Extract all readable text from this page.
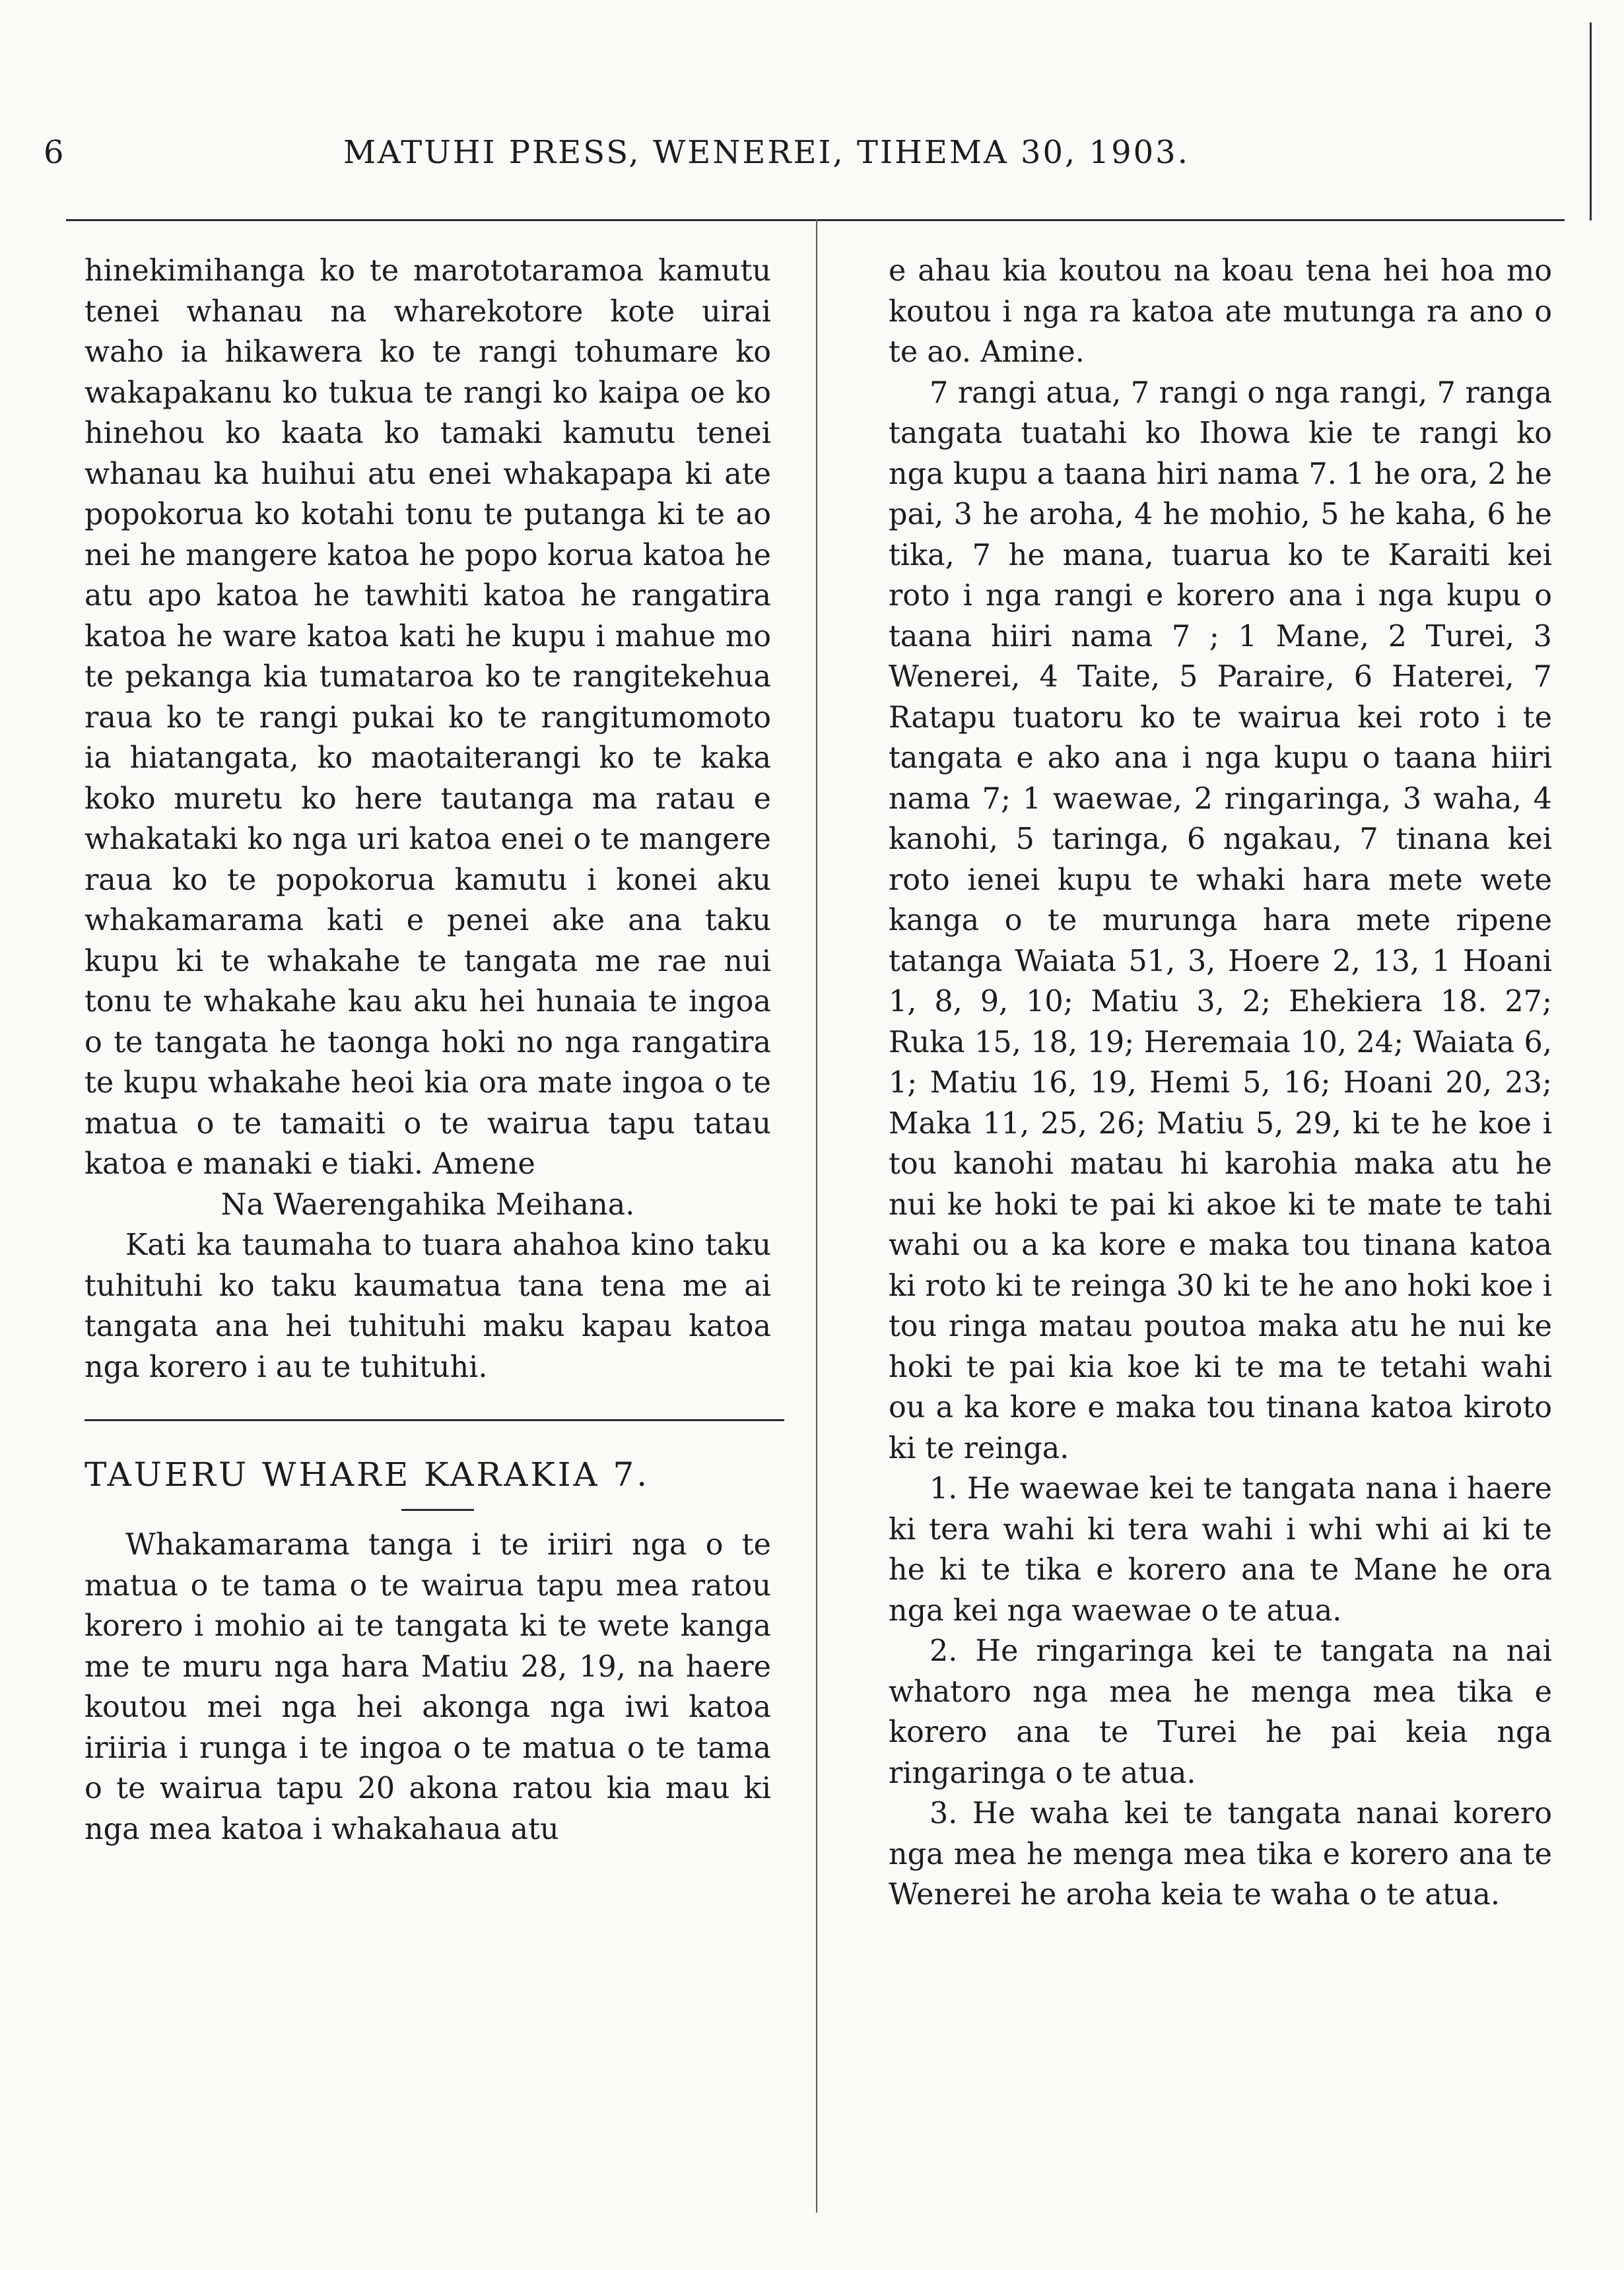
6	MATUHI PRESS, WENEREI, TIHEMA 30, 1903.

hinekimihanga ko te marototaramoa kamutu tenei whanau na wharekotore kote uirai waho ia hikawera ko te rangi tohumare ko wakapakanu ko tukua te rangi ko kaipa oe ko hinehou ko kaata ko tamaki kamutu tenei whanau ka huihui atu enei whakapapa ki ate popokorua ko kotahi tonu te putanga ki te ao nei he mangere katoa he popo korua katoa he atu apo katoa he tawhiti katoa he rangatira katoa he ware katoa kati he kupu i mahue mo te pekanga kia tumataroa ko te rangitekehua raua ko te rangi pukai ko te rangitumomoto ia hiatangata, ko maotaiterangi ko te kaka koko muretu ko here tautanga ma ratau e whakataki ko nga uri katoa enei o te mangere raua ko te popokorua kamutu i konei aku whakamarama kati e penei ake ana taku kupu ki te whakahe te tangata me rae nui tonu te whakahe kau aku hei hunaia te ingoa o te tangata he taonga hoki no nga rangatira te kupu whakahe heoi kia ora mate ingoa o te matua o te tamaiti o te wairua tapu tatau katoa e manaki e tiaki. Amene

Na Waerengahika Meihana.

Kati ka taumaha to tuara ahahoa kino taku tuhituhi ko taku kaumatua tana tena me ai tangata ana hei tuhituhi maku kapau katoa nga korero i au te tuhituhi.

TAUERU WHARE KARAKIA 7.

Whakamarama tanga i te iriiri nga o te matua o te tama o te wairua tapu mea ratou korero i mohio ai te tangata ki te wete kanga me te muru nga hara Matiu 28, 19, na haere koutou mei nga hei akonga nga iwi katoa iriiria i runga i te ingoa o te matua o te tama o te wairua tapu 20 akona ratou kia mau ki nga mea katoa i whakahaua atu

e ahau kia koutou na koau tena hei hoa mo koutou i nga ra katoa ate mutunga ra ano o te ao. Amine.

7 rangi atua, 7 rangi o nga rangi, 7 ranga tangata tuatahi ko Ihowa kie te rangi ko nga kupu a taana hiri nama 7. 1 he ora, 2 he pai, 3 he aroha, 4 he mohio, 5 he kaha, 6 he tika, 7 he mana, tuarua ko te Karaiti kei roto i nga rangi e korero ana i nga kupu o taana hiiri nama 7 ; 1 Mane, 2 Turei, 3 Wenerei, 4 Taite, 5 Paraire, 6 Haterei, 7 Ratapu tuatoru ko te wairua kei roto i te tangata e ako ana i nga kupu o taana hiiri nama 7; 1 waewae, 2 ringaringa, 3 waha, 4 kanohi, 5 taringa, 6 ngakau, 7 tinana kei roto ienei kupu te whaki hara mete wete kanga o te murunga hara mete ripene tatanga Waiata 51, 3, Hoere 2, 13, 1 Hoani 1, 8, 9, 10; Matiu 3, 2; Ehekiera 18. 27; Ruka 15, 18, 19; Heremaia 10, 24; Waiata 6, 1; Matiu 16, 19, Hemi 5, 16; Hoani 20, 23; Maka 11, 25, 26; Matiu 5, 29, ki te he koe i tou kanohi matau hi karohia maka atu he nui ke hoki te pai ki akoe ki te mate te tahi wahi ou a ka kore e maka tou tinana katoa ki roto ki te reinga 30 ki te he ano hoki koe i tou ringa matau poutoa maka atu he nui ke hoki te pai kia koe ki te ma te tetahi wahi ou a ka kore e maka tou tinana katoa kiroto ki te reinga.

1. He waewae kei te tangata nana i haere ki tera wahi ki tera wahi i whi whi ai ki te he ki te tika e korero ana te Mane he ora nga kei nga waewae o te atua.

2. He ringaringa kei te tangata na nai whatoro nga mea he menga mea tika e korero ana te Turei he pai keia nga ringaringa o te atua.

3. He waha kei te tangata nanai korero nga mea he menga mea tika e korero ana te Wenerei he aroha keia te waha o te atua.
